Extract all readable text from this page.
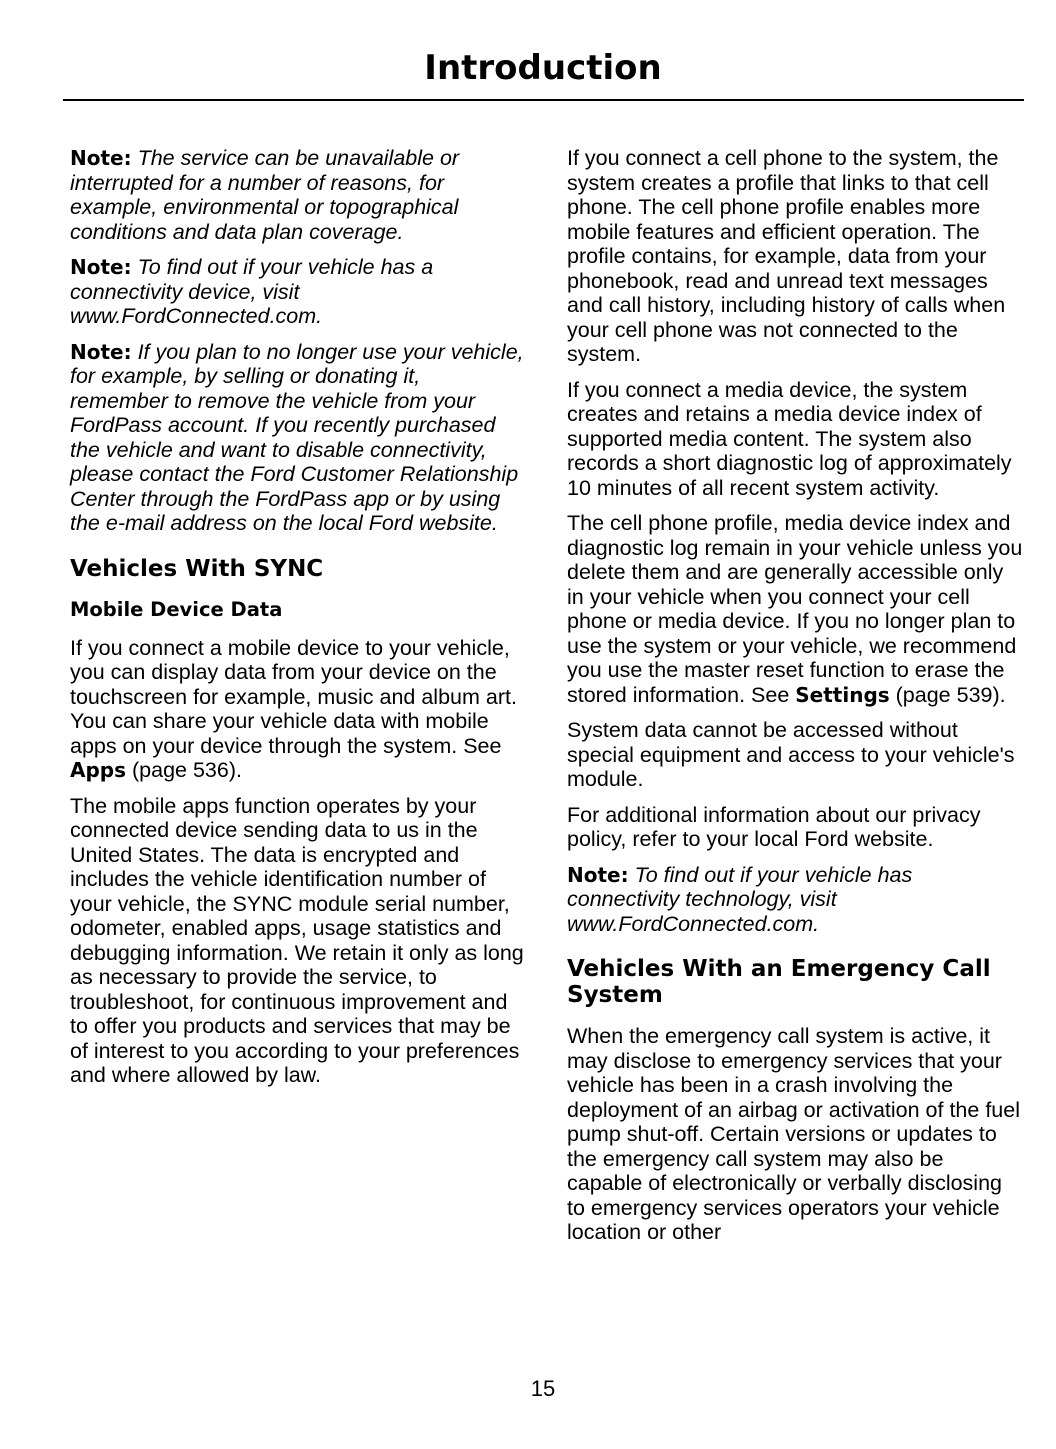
Introduction

Note: The service can be unavailable or interrupted for a number of reasons, for example, environmental or topographical conditions and data plan coverage.

Note: To find out if your vehicle has a connectivity device, visit www.FordConnected.com.

Note: If you plan to no longer use your vehicle, for example, by selling or donating it, remember to remove the vehicle from your FordPass account. If you recently purchased the vehicle and want to disable connectivity, please contact the Ford Customer Relationship Center through the FordPass app or by using the e-mail address on the local Ford website.

Vehicles With SYNC
Mobile Device Data

If you connect a mobile device to your vehicle, you can display data from your device on the touchscreen for example, music and album art. You can share your vehicle data with mobile apps on your device through the system. See Apps (page 536).

The mobile apps function operates by your connected device sending data to us in the United States. The data is encrypted and includes the vehicle identification number of your vehicle, the SYNC module serial number, odometer, enabled apps, usage statistics and debugging information. We retain it only as long as necessary to provide the service, to troubleshoot, for continuous improvement and to offer you products and services that may be of interest to you according to your preferences and where allowed by law.

If you connect a cell phone to the system, the system creates a profile that links to that cell phone. The cell phone profile enables more mobile features and efficient operation. The profile contains, for example, data from your phonebook, read and unread text messages and call history, including history of calls when your cell phone was not connected to the system.

If you connect a media device, the system creates and retains a media device index of supported media content. The system also records a short diagnostic log of approximately 10 minutes of all recent system activity.

The cell phone profile, media device index and diagnostic log remain in your vehicle unless you delete them and are generally accessible only in your vehicle when you connect your cell phone or media device. If you no longer plan to use the system or your vehicle, we recommend you use the master reset function to erase the stored information. See Settings (page 539).

System data cannot be accessed without special equipment and access to your vehicle's module.

For additional information about our privacy policy, refer to your local Ford website.

Note: To find out if your vehicle has connectivity technology, visit www.FordConnected.com.

Vehicles With an Emergency Call System

When the emergency call system is active, it may disclose to emergency services that your vehicle has been in a crash involving the deployment of an airbag or activation of the fuel pump shut-off. Certain versions or updates to the emergency call system may also be capable of electronically or verbally disclosing to emergency services operators your vehicle location or other

15
